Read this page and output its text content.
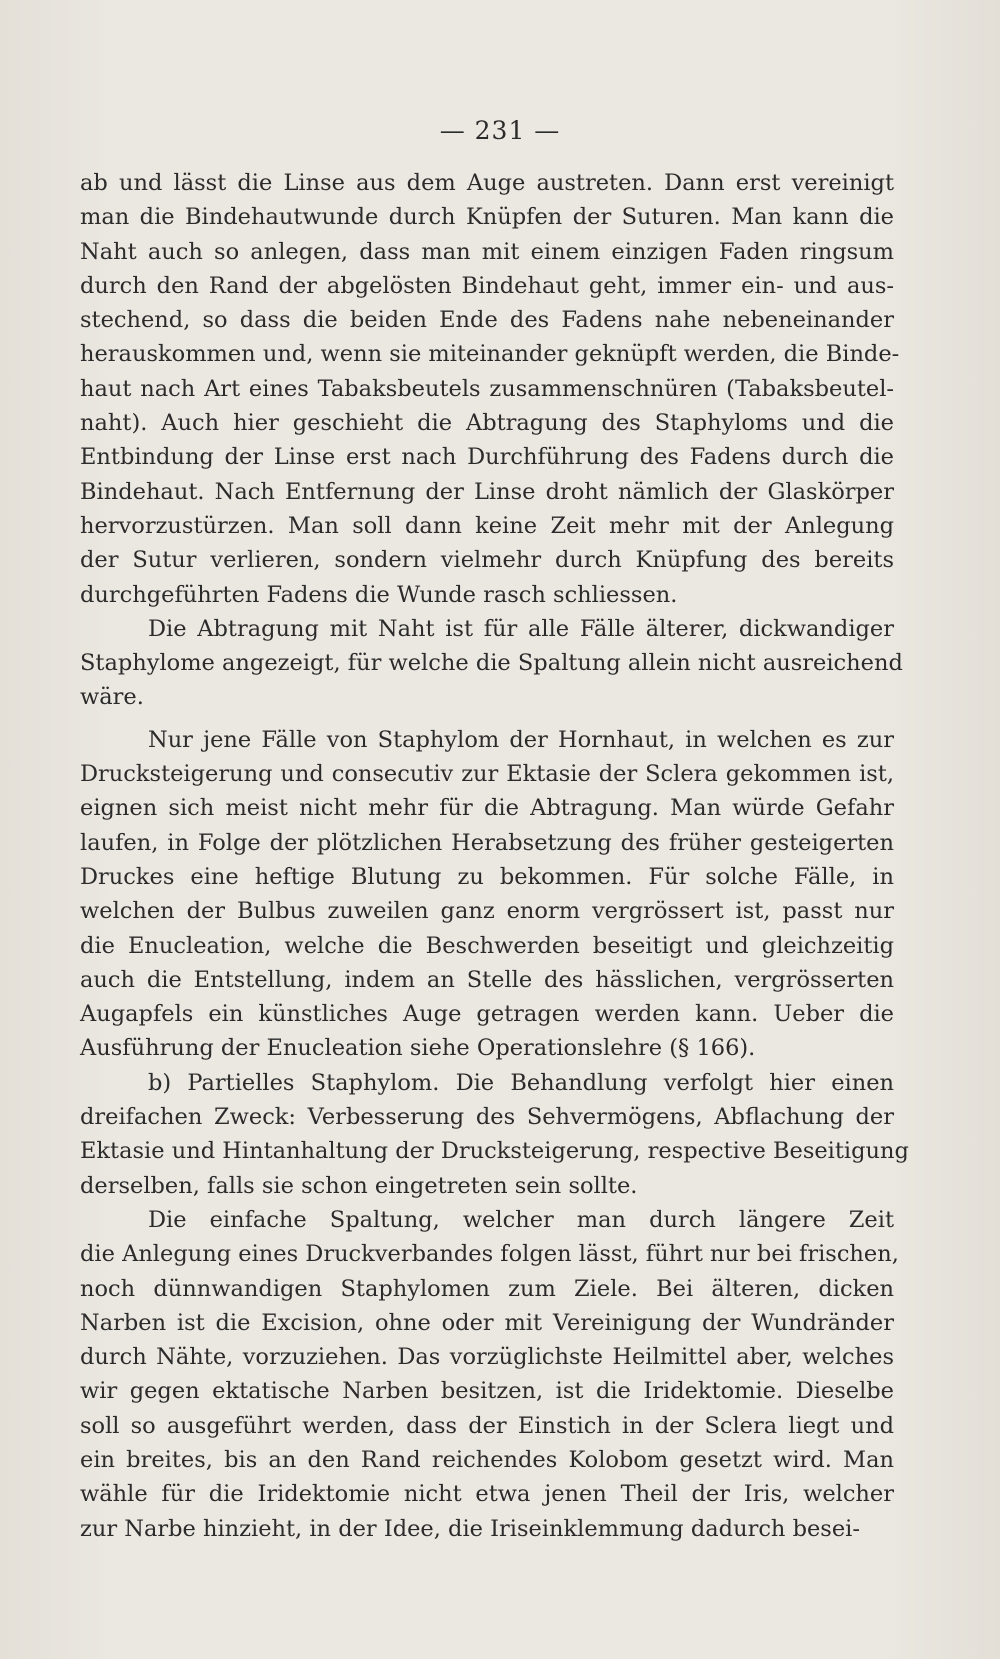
— 231 —
ab und lässt die Linse aus dem Auge austreten. Dann erst vereinigt
man die Bindehautwunde durch Knüpfen der Suturen. Man kann die
Naht auch so anlegen, dass man mit einem einzigen Faden ringsum
durch den Rand der abgelösten Bindehaut geht, immer ein- und aus-
stechend, so dass die beiden Ende des Fadens nahe nebeneinander
herauskommen und, wenn sie miteinander geknüpft werden, die Binde-
haut nach Art eines Tabaksbeutels zusammenschnüren (Tabaksbeutel-
naht). Auch hier geschieht die Abtragung des Staphyloms und die
Entbindung der Linse erst nach Durchführung des Fadens durch die
Bindehaut. Nach Entfernung der Linse droht nämlich der Glaskörper
hervorzustürzen. Man soll dann keine Zeit mehr mit der Anlegung
der Sutur verlieren, sondern vielmehr durch Knüpfung des bereits
durchgeführten Fadens die Wunde rasch schliessen.
Die Abtragung mit Naht ist für alle Fälle älterer, dickwandiger
Staphylome angezeigt, für welche die Spaltung allein nicht ausreichend
wäre.
Nur jene Fälle von Staphylom der Hornhaut, in welchen es zur
Drucksteigerung und consecutiv zur Ektasie der Sclera gekommen ist,
eignen sich meist nicht mehr für die Abtragung. Man würde Gefahr
laufen, in Folge der plötzlichen Herabsetzung des früher gesteigerten
Druckes eine heftige Blutung zu bekommen. Für solche Fälle, in
welchen der Bulbus zuweilen ganz enorm vergrössert ist, passt nur
die Enucleation, welche die Beschwerden beseitigt und gleichzeitig
auch die Entstellung, indem an Stelle des hässlichen, vergrösserten
Augapfels ein künstliches Auge getragen werden kann. Ueber die
Ausführung der Enucleation siehe Operationslehre (§ 166).
b) Partielles Staphylom. Die Behandlung verfolgt hier einen
dreifachen Zweck: Verbesserung des Sehvermögens, Abflachung der
Ektasie und Hintanhaltung der Drucksteigerung, respective Beseitigung
derselben, falls sie schon eingetreten sein sollte.
Die einfache Spaltung, welcher man durch längere Zeit
die Anlegung eines Druckverbandes folgen lässt, führt nur bei frischen,
noch dünnwandigen Staphylomen zum Ziele. Bei älteren, dicken
Narben ist die Excision, ohne oder mit Vereinigung der Wundränder
durch Nähte, vorzuziehen. Das vorzüglichste Heilmittel aber, welches
wir gegen ektatische Narben besitzen, ist die Iridektomie. Dieselbe
soll so ausgeführt werden, dass der Einstich in der Sclera liegt und
ein breites, bis an den Rand reichendes Kolobom gesetzt wird. Man
wähle für die Iridektomie nicht etwa jenen Theil der Iris, welcher
zur Narbe hinzieht, in der Idee, die Iriseinklemmung dadurch besei-
